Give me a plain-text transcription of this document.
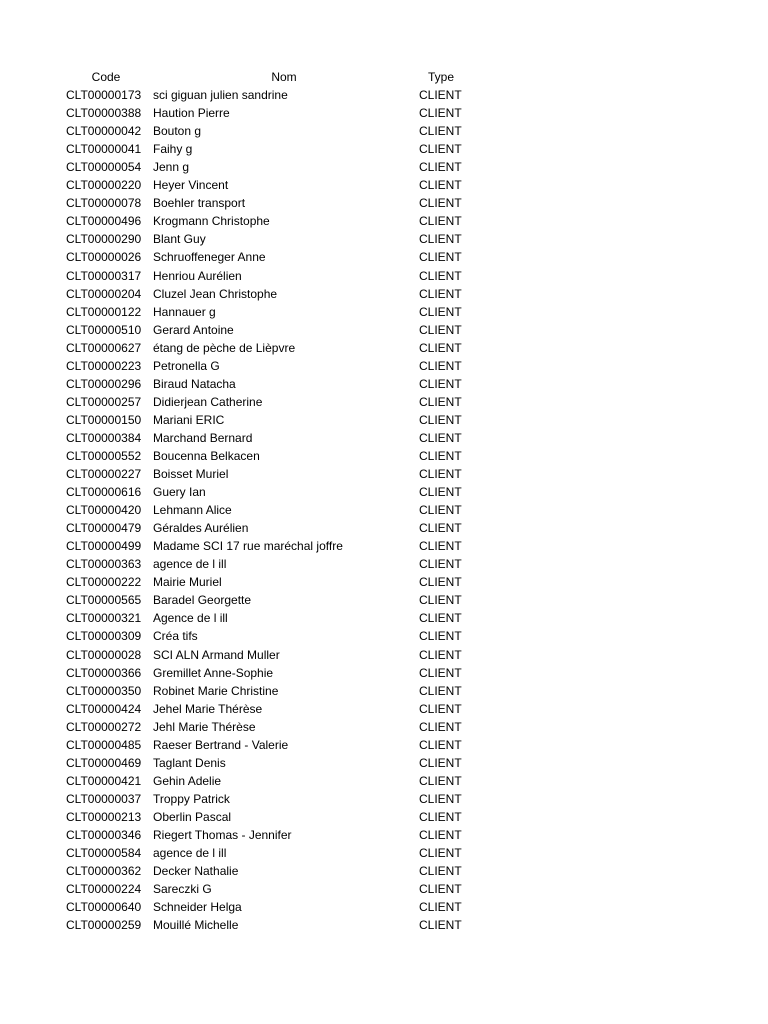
Code	Nom	Type
CLT00000173 sci giguan julien sandrine	CLIENT
CLT00000388 Haution Pierre	CLIENT
CLT00000042 Bouton g	CLIENT
CLT00000041 Faihy g	CLIENT
CLT00000054 Jenn g	CLIENT
CLT00000220 Heyer Vincent	CLIENT
CLT00000078 Boehler transport	CLIENT
CLT00000496 Krogmann Christophe	CLIENT
CLT00000290 Blant Guy	CLIENT
CLT00000026 Schruoffeneger Anne	CLIENT
CLT00000317 Henriou Aurélien	CLIENT
CLT00000204 Cluzel Jean Christophe	CLIENT
CLT00000122 Hannauer g	CLIENT
CLT00000510 Gerard Antoine	CLIENT
CLT00000627 étang de pèche de Lièpvre	CLIENT
CLT00000223 Petronella G	CLIENT
CLT00000296 Biraud Natacha	CLIENT
CLT00000257 Didierjean Catherine	CLIENT
CLT00000150 Mariani ERIC	CLIENT
CLT00000384 Marchand Bernard	CLIENT
CLT00000552 Boucenna Belkacen	CLIENT
CLT00000227 Boisset Muriel	CLIENT
CLT00000616 Guery Ian	CLIENT
CLT00000420 Lehmann Alice	CLIENT
CLT00000479 Géraldes Aurélien	CLIENT
CLT00000499 Madame SCI 17 rue maréchal joffre	CLIENT
CLT00000363 agence de l ill	CLIENT
CLT00000222 Mairie Muriel	CLIENT
CLT00000565 Baradel Georgette	CLIENT
CLT00000321 Agence de l ill	CLIENT
CLT00000309 Créa tifs	CLIENT
CLT00000028 SCI ALN Armand Muller	CLIENT
CLT00000366 Gremillet Anne-Sophie	CLIENT
CLT00000350 Robinet Marie Christine	CLIENT
CLT00000424 Jehel Marie Thérèse	CLIENT
CLT00000272 Jehl Marie Thérèse	CLIENT
CLT00000485 Raeser Bertrand - Valerie	CLIENT
CLT00000469 Taglant Denis	CLIENT
CLT00000421 Gehin Adelie	CLIENT
CLT00000037 Troppy Patrick	CLIENT
CLT00000213 Oberlin Pascal	CLIENT
CLT00000346 Riegert Thomas - Jennifer	CLIENT
CLT00000584 agence de l ill	CLIENT
CLT00000362 Decker Nathalie	CLIENT
CLT00000224 Sareczki G	CLIENT
CLT00000640 Schneider Helga	CLIENT
CLT00000259 Mouillé Michelle	CLIENT
